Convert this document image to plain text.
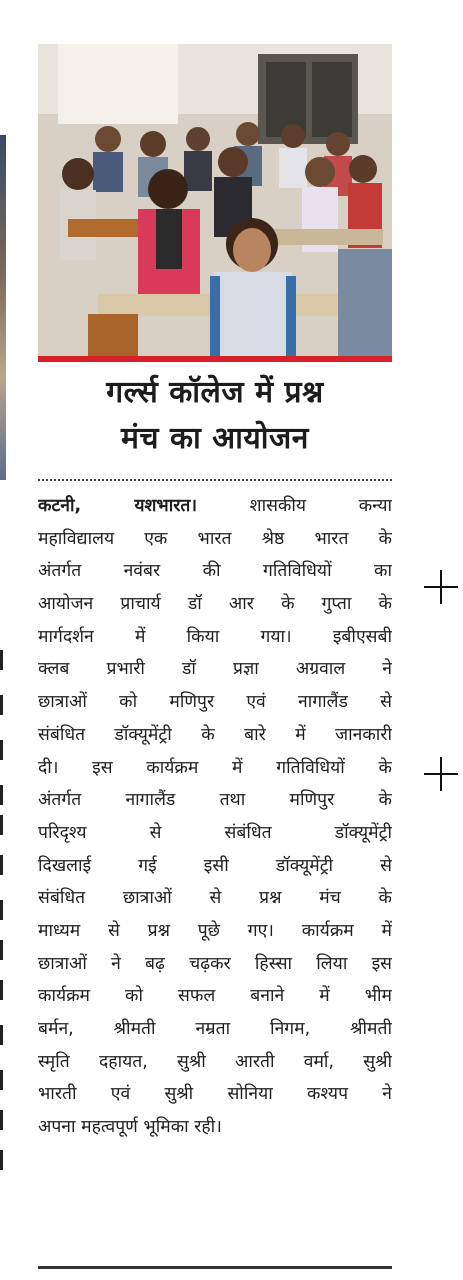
गर्ल्स कॉलेज में प्रश्न
मंच का आयोजन
कटनी, यशभारत।	शासकीय कन्या
महाविद्यालय एक भारत श्रेष्ठ भारत के
अंतर्गत नवंबर की गतिविधियों का
आयोजन प्राचार्य डॉ आर के गुप्ता के
मार्गदर्शन में किया गया। इबीएसबी
क्लब प्रभारी डॉ प्रज्ञा अग्रवाल ने
छात्राओं को मणिपुर एवं नागालैंड से
संबंधित डॉक्यूमेंट्री के बारे में जानकारी
दी। इस कार्यक्रम में गतिविधियों के
अंतर्गत नागालैंड तथा मणिपुर के
परिदृश्य से संबंधित डॉक्यूमेंट्री
दिखलाई गई इसी डॉक्यूमेंट्री से
संबंधित छात्राओं से प्रश्न मंच के
माध्यम से प्रश्न पूछे गए। कार्यक्रम में
छात्राओं ने बढ़ चढ़कर हिस्सा लिया इस
कार्यक्रम को सफल बनाने में भीम
बर्मन, श्रीमती नम्रता निगम, श्रीमती
स्मृति दहायत, सुश्री आरती वर्मा, सुश्री
भारती एवं सुश्री सोनिया कश्यप ने
अपना महत्वपूर्ण भूमिका रही।
